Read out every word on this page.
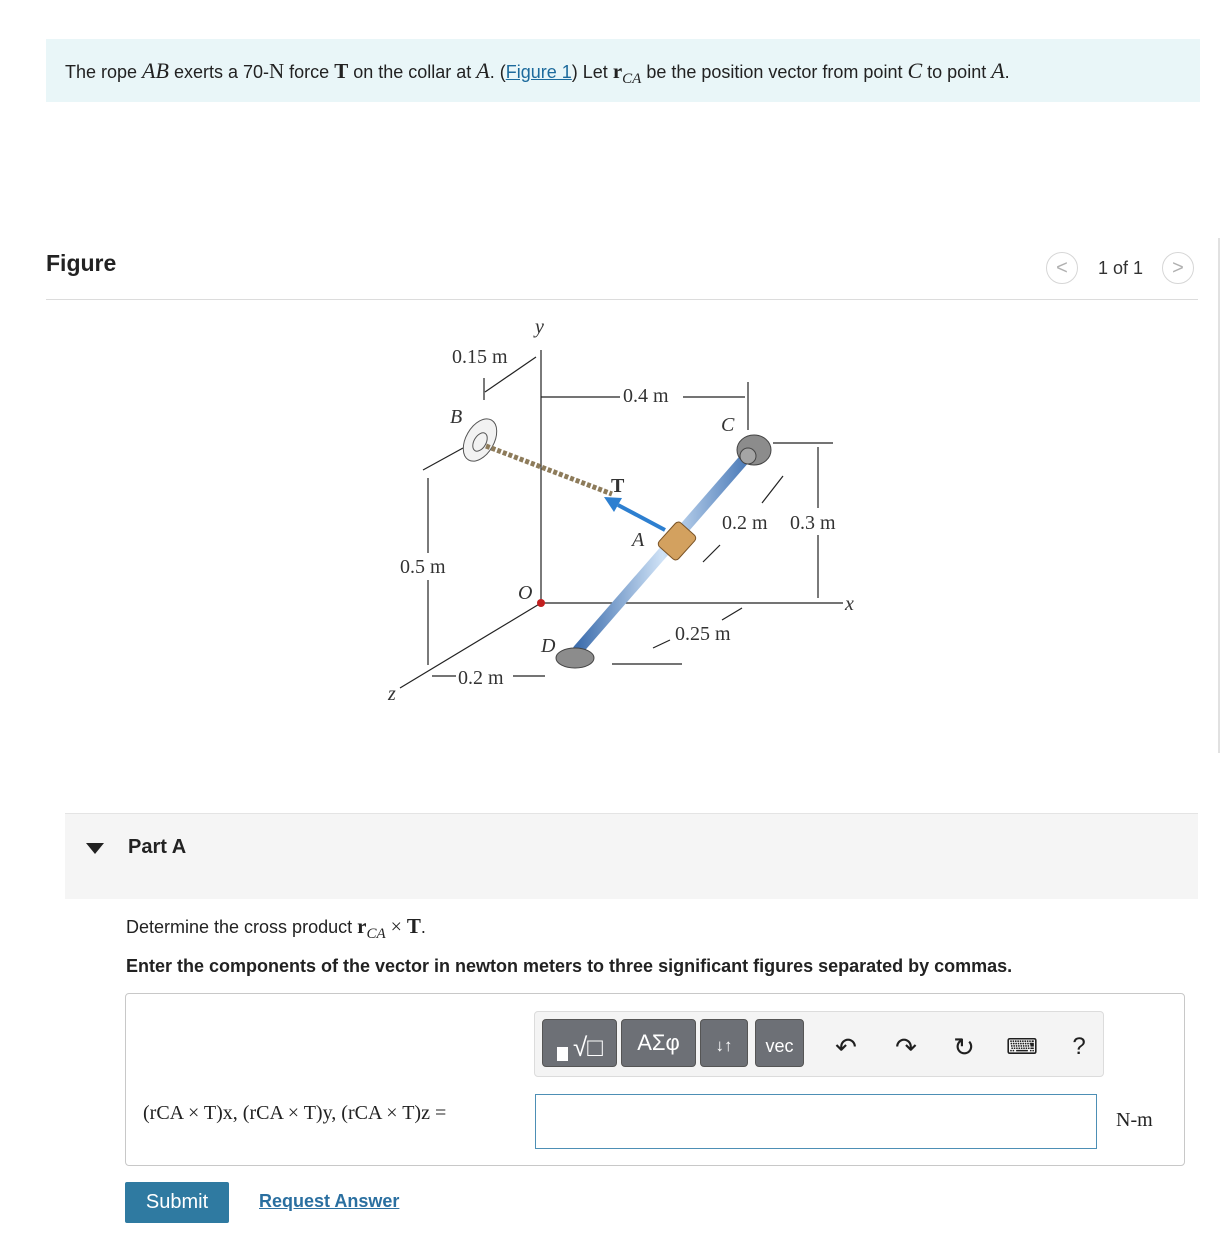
The rope AB exerts a 70-N force T on the collar at A. (Figure 1) Let $r_{CA}$ be the position vector from point C to point A.
Figure	<	1 of 1	>
y
x
z
0.15 m
0.4 m
0.5 m
0.2 m 0.3 m
0.25 m
0.2 m
B	C
T
A
O
D
Part A
Determine the cross product $r_{CA} \times T$.
Enter the components of the vector in newton meters to three significant figures separated by commas.
√□	ΑΣφ	↓↑	vec	↶ ↷ ↻ ⌨	?
(rCA × T)x, (rCA × T)y, (rCA × T)z =	N-m
Submit	Request Answer
